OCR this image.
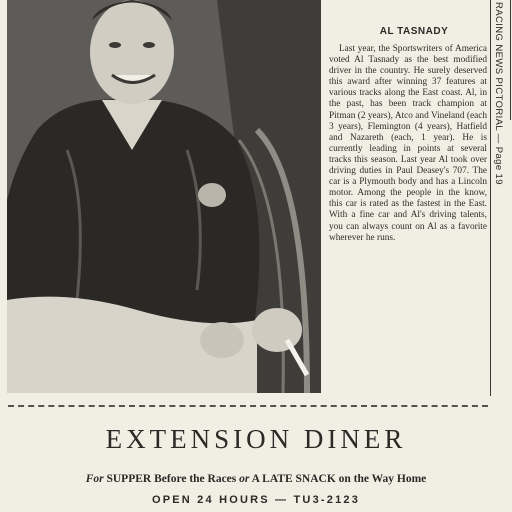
AL TASNADY
Last year, the Sportswriters of America voted Al Tasnady as the best modified driver in the country. He surely deserved this award after winning 37 features at various tracks along the East coast. Al, in the past, has been track champion at Pitman (2 years), Atco and Vineland (each 3 years), Flemington (4 years), Hatfield and Nazareth (each, 1 year). He is currently leading in points at several tracks this season. Last year Al took over driving duties in Paul Deasey's 707. The car is a Plymouth body and has a Lincoln motor. Among the people in the know, this car is rated as the fastest in the East. With a fine car and Al's driving talents, you can always count on Al as a favorite wherever he runs.
RACING NEWS PICTORIAL — Page 19
EXTENSION DINER
For SUPPER Before the Races or A LATE SNACK on the Way Home
OPEN 24 HOURS — TU3-2123
